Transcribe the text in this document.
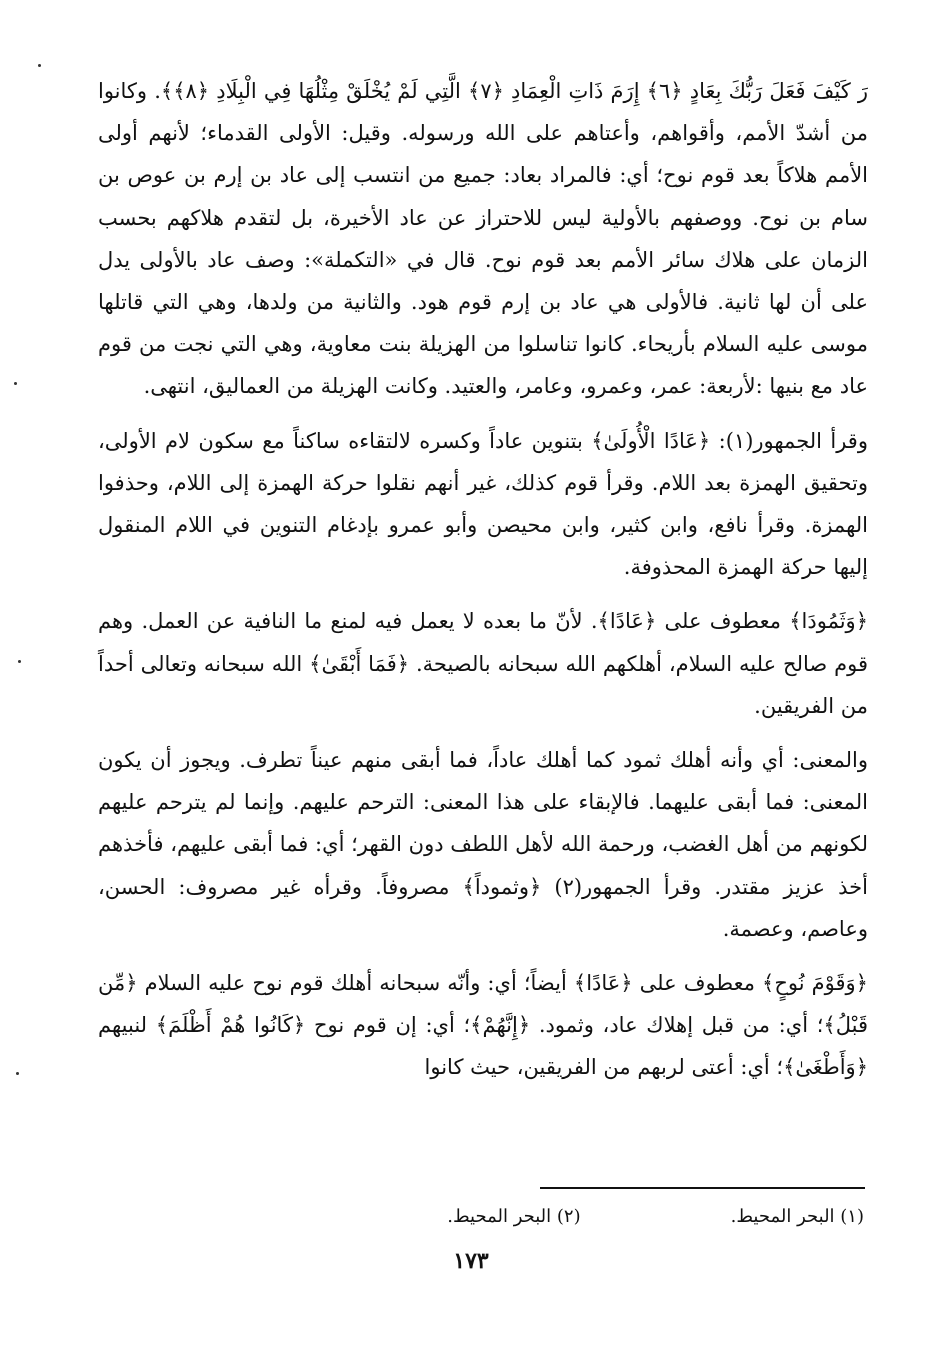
رَ كَيْفَ فَعَلَ رَبُّكَ بِعَادٍ ﴿٦﴾ إِرَمَ ذَاتِ الْعِمَادِ ﴿٧﴾ الَّتِي لَمْ يُخْلَقْ مِثْلُهَا فِي الْبِلَادِ ﴿٨﴾﴾. وكانوا من أشدّ الأمم، وأقواهم، وأعتاهم على الله ورسوله. وقيل: الأولى القدماء؛ لأنهم أولى الأمم هلاكاً بعد قوم نوح؛ أي: فالمراد بعاد: جميع من انتسب إلى عاد بن إرم بن عوص بن سام بن نوح. ووصفهم بالأولية ليس للاحتراز عن عاد الأخيرة، بل لتقدم هلاكهم بحسب الزمان على هلاك سائر الأمم بعد قوم نوح. قال في «التكملة»: وصف عاد بالأولى يدل على أن لها ثانية. فالأولى هي عاد بن إرم قوم هود. والثانية من ولدها، وهي التي قاتلها موسى عليه السلام بأريحاء. كانوا تناسلوا من الهزيلة بنت معاوية، وهي التي نجت من قوم عاد مع بنيها :لأربعة: عمر، وعمرو، وعامر، والعتيد. وكانت الهزيلة من العماليق، انتهى.

وقرأ الجمهور(١): ﴿عَادًا الْأُولَىٰ﴾ بتنوين عاداً وكسره لالتقاءه ساكناً مع سكون لام الأولى، وتحقيق الهمزة بعد اللام. وقرأ قوم كذلك، غير أنهم نقلوا حركة الهمزة إلى اللام، وحذفوا الهمزة. وقرأ نافع، وابن كثير، وابن محيصن وأبو عمرو بإدغام التنوين في اللام المنقول إليها حركة الهمزة المحذوفة.

﴿وَثَمُودَا﴾ معطوف على ﴿عَادًا﴾. لأنّ ما بعده لا يعمل فيه لمنع ما النافية عن العمل. وهم قوم صالح عليه السلام، أهلكهم الله سبحانه بالصيحة. ﴿فَمَا أَبْقَىٰ﴾ الله سبحانه وتعالى أحداً من الفريقين.

والمعنى: أي وأنه أهلك ثمود كما أهلك عاداً، فما أبقى منهم عيناً تطرف. ويجوز أن يكون المعنى: فما أبقى عليهما. فالإبقاء على هذا المعنى: الترحم عليهم. وإنما لم يترحم عليهم لكونهم من أهل الغضب، ورحمة الله لأهل اللطف دون القهر؛ أي: فما أبقى عليهم، فأخذهم أخذ عزيز مقتدر. وقرأ الجمهور(٢) ﴿وثموداً﴾ مصروفاً. وقرأه غير مصروف: الحسن، وعاصم، وعصمة.

﴿وَقَوْمَ نُوحٍ﴾ معطوف على ﴿عَادًا﴾ أيضاً؛ أي: وأنّه سبحانه أهلك قوم نوح عليه السلام ﴿مِّن قَبْلُ﴾؛ أي: من قبل إهلاك عاد، وثمود. ﴿إِنَّهُمْ﴾؛ أي: إن قوم نوح ﴿كَانُوا هُمْ أَظْلَمَ﴾ لنبيهم ﴿وَأَطْغَىٰ﴾؛ أي: أعتى لربهم من الفريقين، حيث كانوا

(١) البحر المحيط.
(٢) البحر المحيط.
١٧٣
